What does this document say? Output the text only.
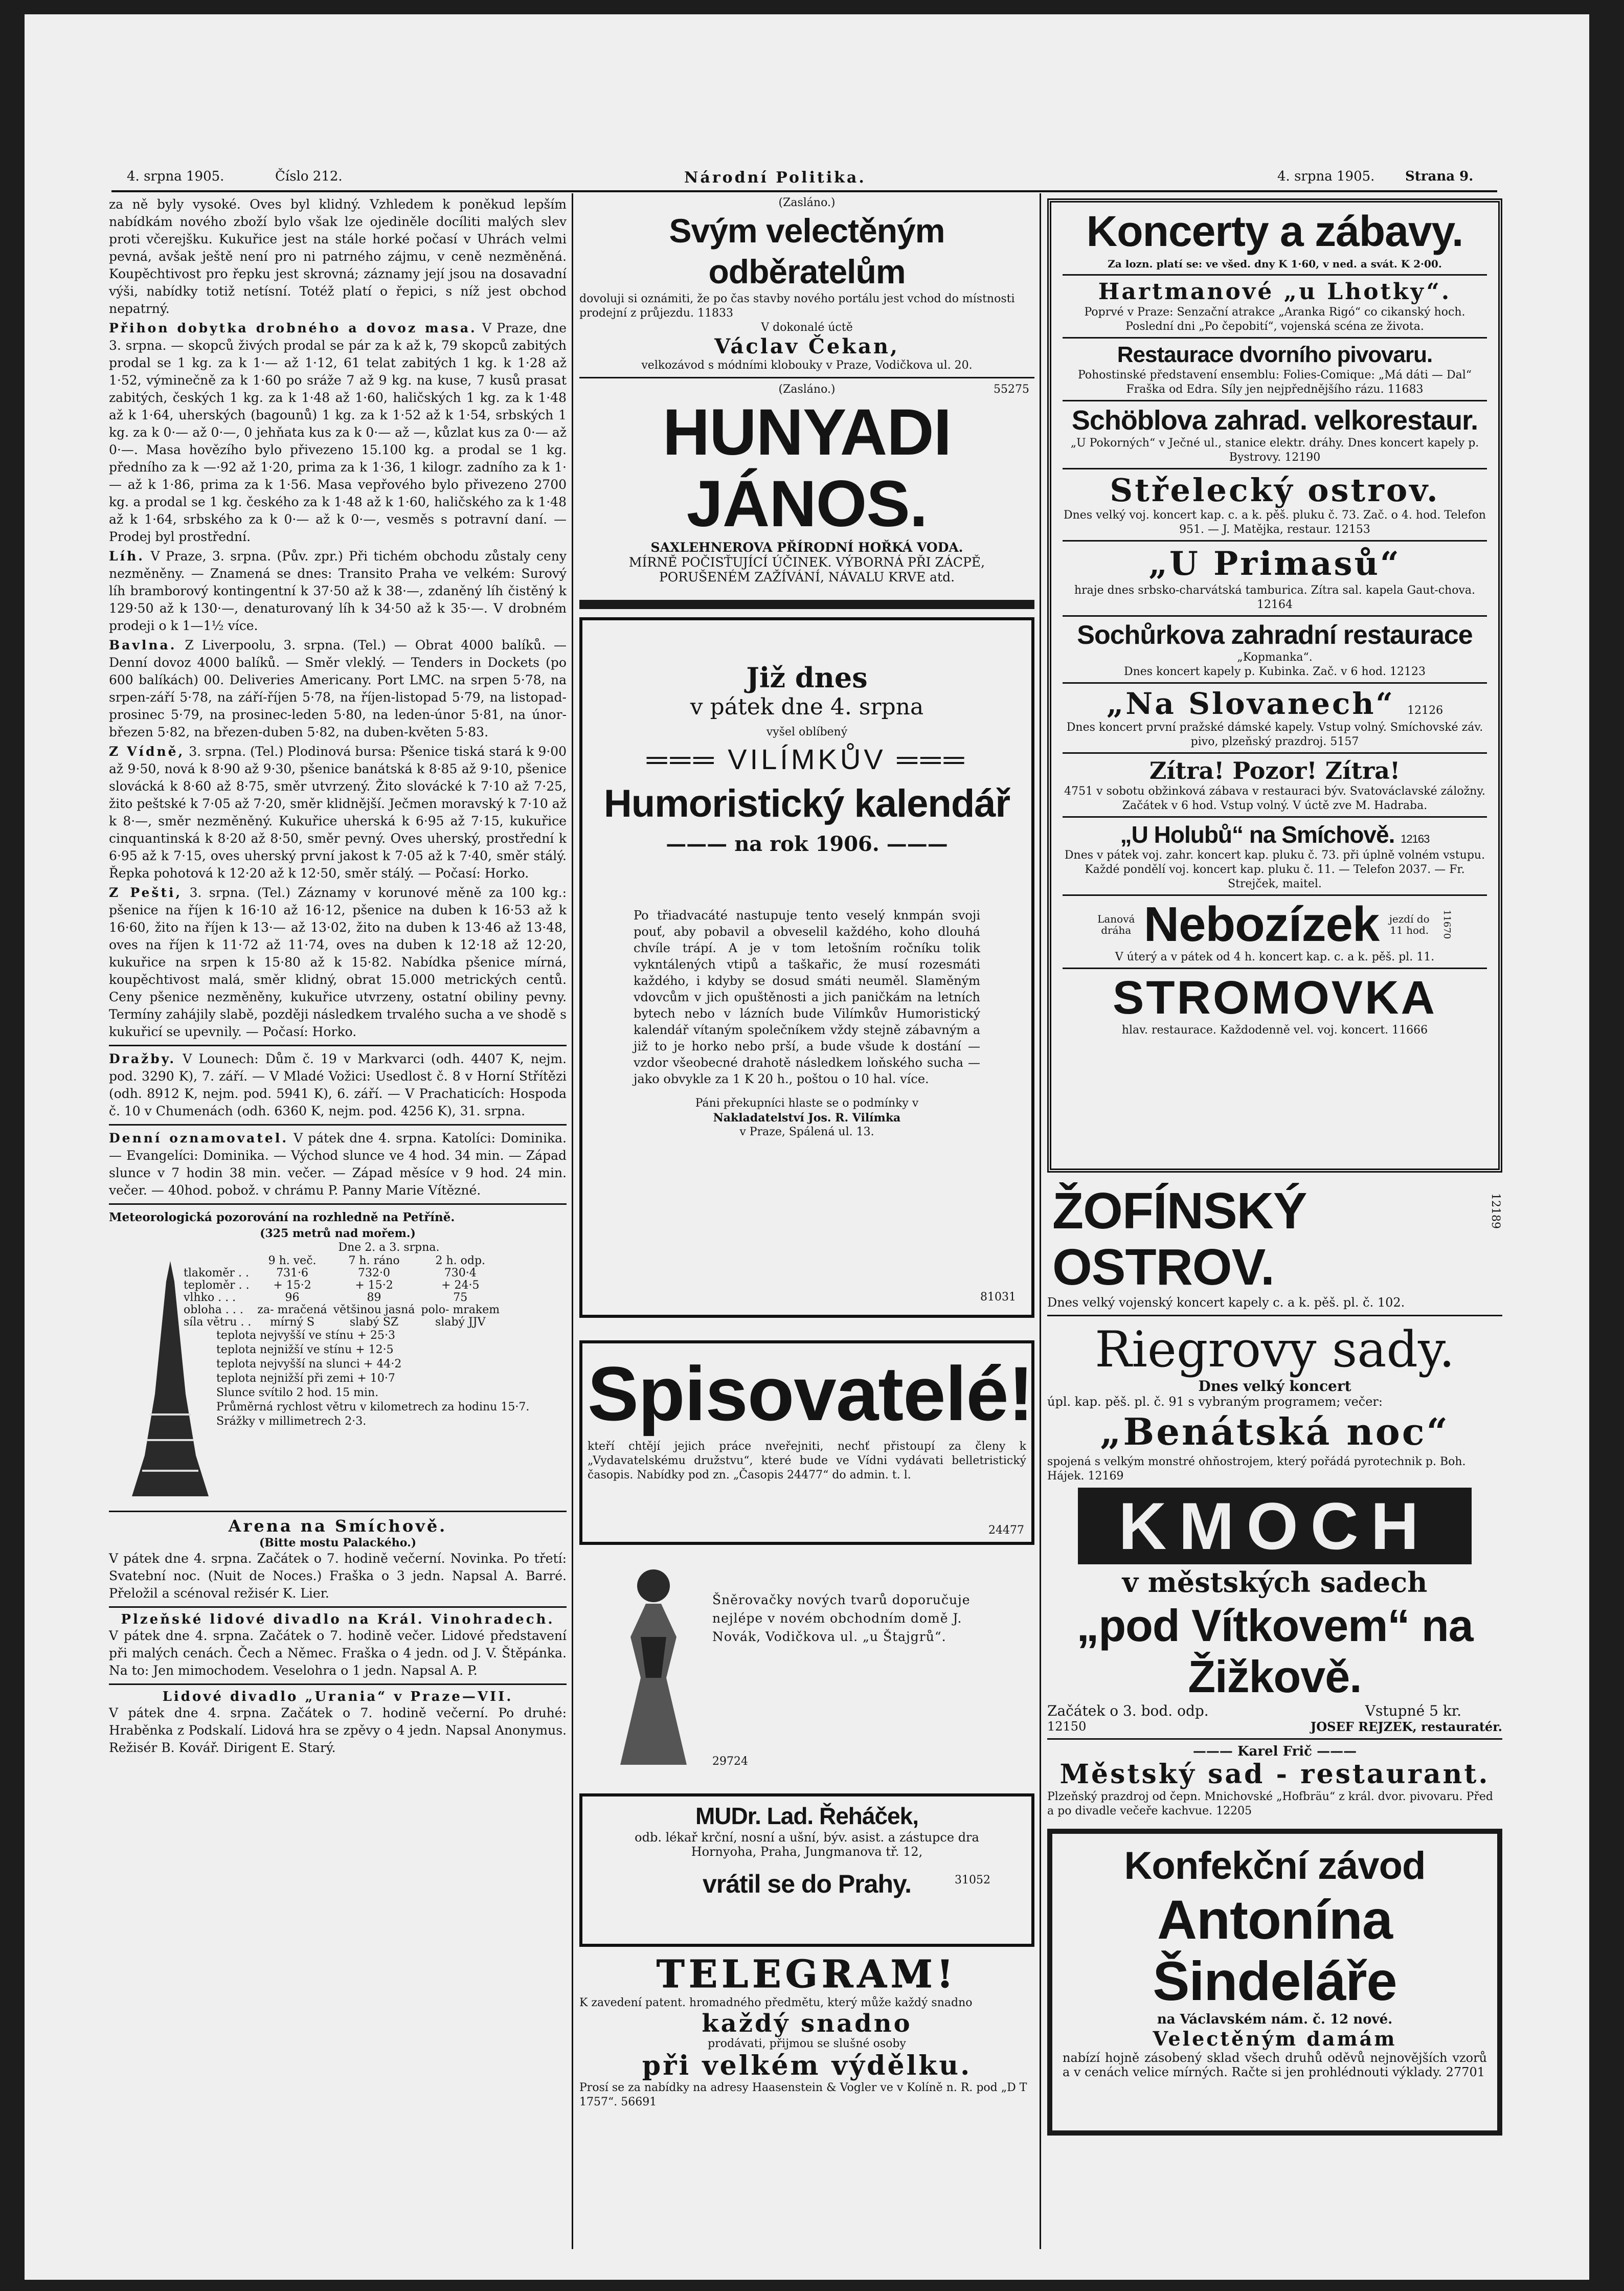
4. srpna 1905.	Číslo 212.	Národní Politika.	4. srpna 1905. Strana 9.

za ně byly vysoké. Oves byl klidný. Vzhledem k poněkud lepším nabídkám nového zboží bylo však lze ojediněle docíliti malých slev proti včerejšku. Kukuřice jest na stále horké počasí v Uhrách velmi pevná, avšak ještě není pro ni patrného zájmu, v ceně nezměněná. Koupěchtivost pro řepku jest skrovná; záznamy její jsou na dosavadní výši, nabídky totiž netísní. Totéž platí o řepici, s níž jest obchod nepatrný.

Přihon dobytka drobného a dovoz masa. V Praze, dne 3. srpna. — skopců živých prodal se pár za k až k, 79 skopců zabitých prodal se 1 kg. za k 1·— až 1·12, 61 telat zabitých 1 kg. k 1·28 až 1·52, výminečně za k 1·60 po sráže 7 až 9 kg. na kuse, 7 kusů prasat zabitých, českých 1 kg. za k 1·48 až 1·60, haličských 1 kg. za k 1·48 až k 1·64, uherských (bagounů) 1 kg. za k 1·52 až k 1·54, srbských 1 kg. za k 0·— až 0·—, 0 jehňata kus za k 0·— až —, kůzlat kus za 0·— až 0·—. Masa hovězího bylo přivezeno 15.100 kg. a prodal se 1 kg. předního za k —·92 až 1·20, prima za k 1·36, 1 kilogr. zadního za k 1·— až k 1·86, prima za k 1·56. Masa vepřového bylo přivezeno 2700 kg. a prodal se 1 kg. českého za k 1·48 až k 1·60, haličského za k 1·48 až k 1·64, srbského za k 0·— až k 0·—, vesměs s potravní daní. — Prodej byl prostřední.

Líh. V Praze, 3. srpna. (Pův. zpr.) Při tichém obchodu zůstaly ceny nezměněny. — Znamená se dnes: Transito Praha ve velkém: Surový líh bramborový kontingentní k 37·50 až k 38·—, zdaněný líh čistěný k 129·50 až k 130·—, denaturovaný líh k 34·50 až k 35·—. V drobném prodeji o k 1—1½ více.

Bavlna. Z Liverpoolu, 3. srpna. (Tel.) — Obrat 4000 balíků. — Denní dovoz 4000 balíků. — Směr vleklý. — Tenders in Dockets (po 600 balíkách) 00. Deliveries Americany. Port LMC. na srpen 5·78, na srpen-září 5·78, na září-říjen 5·78, na říjen-listopad 5·79, na listopad-prosinec 5·79, na prosinec-leden 5·80, na leden-únor 5·81, na únor-březen 5·82, na březen-duben 5·82, na duben-květen 5·83.

Z Vídně, 3. srpna. (Tel.) Plodinová bursa: Pšenice tiská stará k 9·00 až 9·50, nová k 8·90 až 9·30, pšenice banátská k 8·85 až 9·10, pšenice slovácká k 8·60 až 8·75, směr utvrzený. Žito slovácké k 7·10 až 7·25, žito peštské k 7·05 až 7·20, směr klidnější. Ječmen moravský k 7·10 až k 8·—, směr nezměněný. Kukuřice uherská k 6·95 až 7·15, kukuřice cinquantinská k 8·20 až 8·50, směr pevný. Oves uherský, prostřední k 6·95 až k 7·15, oves uherský první jakost k 7·05 až k 7·40, směr stálý. Řepka pohotová k 12·20 až k 12·50, směr stálý. — Počasí: Horko.

Z Pešti, 3. srpna. (Tel.) Záznamy v korunové měně za 100 kg.: pšenice na říjen k 16·10 až 16·12, pšenice na duben k 16·53 až k 16·60, žito na říjen k 13·— až 13·02, žito na duben k 13·46 až 13·48, oves na říjen k 11·72 až 11·74, oves na duben k 12·18 až 12·20, kukuřice na srpen k 15·80 až k 15·82. Nabídka pšenice mírná, koupěchtivost malá, směr klidný, obrat 15.000 metrických centů. Ceny pšenice nezměněny, kukuřice utvrzeny, ostatní obiliny pevny. Termíny zahájily slabě, později následkem trvalého sucha a ve shodě s kukuřicí se upevnily. — Počasí: Horko.

Dražby. V Lounech: Dům č. 19 v Markvarci (odh. 4407 K, nejm. pod. 3290 K), 7. září. — V Mladé Vožici: Usedlost č. 8 v Horní Střítězi (odh. 8912 K, nejm. pod. 5941 K), 6. září. — V Prachaticích: Hospoda č. 10 v Chumenách (odh. 6360 K, nejm. pod. 4256 K), 31. srpna.

Denní oznamovatel. V pátek dne 4. srpna. Katolíci: Dominika. — Evangelíci: Dominika. — Východ slunce ve 4 hod. 34 min. — Západ slunce v 7 hodin 38 min. večer. — Západ měsíce v 9 hod. 24 min. večer. — 40hod. pobož. v chrámu P. Panny Marie Vítězné.

Meteorologická pozorování na rozhledně na Petříně.

(325 metrů nad mořem.)

Dne 2. a 3. srpna.

	9 h. več.	7 h. ráno	2 h. odp.
tlakoměr . .	731·6	732·0	730·4
teploměr . .	+ 15·2	+ 15·2	+ 24·5
vlhko . . .	96	89	75
obloha . . .	za- mračená	většinou jasná	polo- mrakem
síla větru . .	mírný S	slabý SZ	slabý JJV

teplota nejvyšší ve stínu + 25·3

teplota nejnižší ve stínu + 12·5

teplota nejvyšší na slunci + 44·2

teplota nejnižší při zemi + 10·7

Slunce svítilo 2 hod. 15 min.

Průměrná rychlost větru v kilometrech za hodinu 15·7.

Srážky v millimetrech 2·3.

Arena na Smíchově.

(Bitte mostu Palackého.)

V pátek dne 4. srpna. Začátek o 7. hodině večerní. Novinka. Po třetí: Svatební noc. (Nuit de Noces.) Fraška o 3 jedn. Napsal A. Barré. Přeložil a scénoval režisér K. Lier.

Plzeňské lidové divadlo na Král. Vinohradech.

V pátek dne 4. srpna. Začátek o 7. hodině večer. Lidové představení při malých cenách. Čech a Němec. Fraška o 4 jedn. od J. V. Štěpánka. Na to: Jen mimochodem. Veselohra o 1 jedn. Napsal A. P.

Lidové divadlo „Urania“ v Praze—VII.

V pátek dne 4. srpna. Začátek o 7. hodině večerní. Po druhé: Hraběnka z Podskalí. Lidová hra se zpěvy o 4 jedn. Napsal Anonymus. Režisér B. Kovář. Dirigent E. Starý.

(Zasláno.)

Svým velectěným odběratelům

dovoluji si oznámiti, že po čas stavby nového portálu jest vchod do místnosti prodejní z průjezdu. 11833

V dokonalé úctě

Václav Čekan,

velkozávod s módními klobouky v Praze, Vodičkova ul. 20.

(Zasláno.)	55275

HUNYADI JÁNOS.

SAXLEHNEROVA PŘÍRODNÍ HOŘKÁ VODA.

MÍRNĚ POČISŤUJÍCÍ ÚČINEK. VÝBORNÁ PŘI ZÁCPĚ,

PORUŠENÉM ZAŽÍVÁNÍ, NÁVALU KRVE atd.

Již dnes

v pátek dne 4. srpna

vyšel oblíbený

═══ VILÍMKŮV ═══

Humoristický kalendář

——— na rok 1906. ———

Po třiadvacáté nastupuje tento veselý knmpán svoji pouť, aby pobavil a obveselil každého, koho dlouhá chvíle trápí. A je v tom letošním ročníku tolik vykntálených vtipů a taškařic, že musí rozesmáti každého, i kdyby se dosud smáti neuměl. Slaměným vdovcům v jich opuštěnosti a jich paničkám na letních bytech nebo v lázních bude Vilímkův Humoristický kalendář vítaným společníkem vždy stejně zábavným a již to je horko nebo prší, a bude všude k dostání — vzdor všeobecné drahotě následkem loňského sucha — jako obvykle za 1 K 20 h., poštou o 10 hal. více.

Páni překupníci hlaste se o podmínky v

Nakladatelství Jos. R. Vilímka

v Praze, Spálená ul. 13.

81031

Spisovatelé!

kteří chtějí jejich práce nveřejniti, nechť přistoupí za členy k „Vydavatelskému družstvu“, které bude ve Vídni vydávati belletristický časopis. Nabídky pod zn. „Časopis 24477“ do admin. t. l.

24477

Šněrovačky nových tvarů doporučuje nejlépe v novém obchodním domě J. Novák, Vodičkova ul. „u Štajgrů“.

29724

MUDr. Lad. Řeháček,

odb. lékař krční, nosní a ušní, býv. asist. a zástupce dra Hornyoha, Praha, Jungmanova tř. 12,

31052

vrátil se do Prahy.

TELEGRAM!

K zavedení patent. hromadného předmětu, který může každý snadno

každý snadno

prodávati, přijmou se slušné osoby

při velkém výdělku.

Prosí se za nabídky na adresy Haasenstein & Vogler ve v Kolíně n. R. pod „D T 1757“. 56691

Koncerty a zábavy.

Za lozn. platí se: ve všed. dny K 1·60, v ned. a svát. K 2·00.

Hartmanové „u Lhotky“.

Poprvé v Praze: Senzační atrakce „Aranka Rigó“ co cikanský hoch. Poslední dni „Po čepobití“, vojenská scéna ze života.

Restaurace dvorního pivovaru.

Pohostinské představení ensemblu: Folies-Comique: „Má dáti — Dal“ Fraška od Edra. Síly jen nejpřednějšího rázu. 11683

Schöblova zahrad. velkorestaur.

„U Pokorných“ v Ječné ul., stanice elektr. dráhy. Dnes koncert kapely p. Bystrovy. 12190

Střelecký ostrov.

Dnes velký voj. koncert kap. c. a k. pěš. pluku č. 73. Zač. o 4. hod. Telefon 951. — J. Matějka, restaur. 12153

„U Primasů“

hraje dnes srbsko-charvátská tamburica. Zítra sal. kapela Gaut-chova. 12164

Sochůrkova zahradní restaurace

„Kopmanka“.

Dnes koncert kapely p. Kubinka. Zač. v 6 hod. 12123

„Na Slovanech“ 12126

Dnes koncert první pražské dámské kapely. Vstup volný. Smíchovské záv. pivo, plzeňský prazdroj. 5157

Zítra! Pozor! Zítra!

4751 v sobotu obžinková zábava v restauraci býv. Svatováclavské záložny. Začátek v 6 hod. Vstup volný. V úctě zve M. Hadraba.

„U Holubů“ na Smíchově. 12163

Dnes v pátek voj. zahr. koncert kap. pluku č. 73. při úplně volném vstupu. Každé pondělí voj. koncert kap. pluku č. 11. — Telefon 2037. — Fr. Strejček, maitel.

Lanová dráha Nebozízek jezdí do 11 hod.	11670

V úterý a v pátek od 4 h. koncert kap. c. a k. pěš. pl. 11.

STROMOVKA

hlav. restaurace. Každodenně vel. voj. koncert. 11666

ŽOFÍNSKÝ OSTROV.

12189

Dnes velký vojenský koncert kapely c. a k. pěš. pl. č. 102.

Riegrovy sady.

Dnes velký koncert

úpl. kap. pěš. pl. č. 91 s vybraným programem; večer:

„Benátská noc“

spojená s velkým monstré ohňostrojem, který pořádá pyrotechnik p. Boh. Hájek. 12169

KMOCH

v městských sadech

„pod Vítkovem“ na Žižkově.

Začátek o 3. bod. odp.	Vstupné 5 kr.
12150	JOSEF REJZEK, restauratér.

——— Karel Frič ———

Městský sad - restaurant.

Plzeňský prazdroj od čepn. Mnichovské „Hofbräu“ z král. dvor. pivovaru. Před a po divadle večeře kachvue. 12205

Konfekční závod

Antonína Šindeláře

na Václavském nám. č. 12 nové.

Velectěným damám

nabízí hojně zásobený sklad všech druhů oděvů nejnovějších vzorů a v cenách velice mírných. Račte si jen prohlédnouti výklady. 27701
